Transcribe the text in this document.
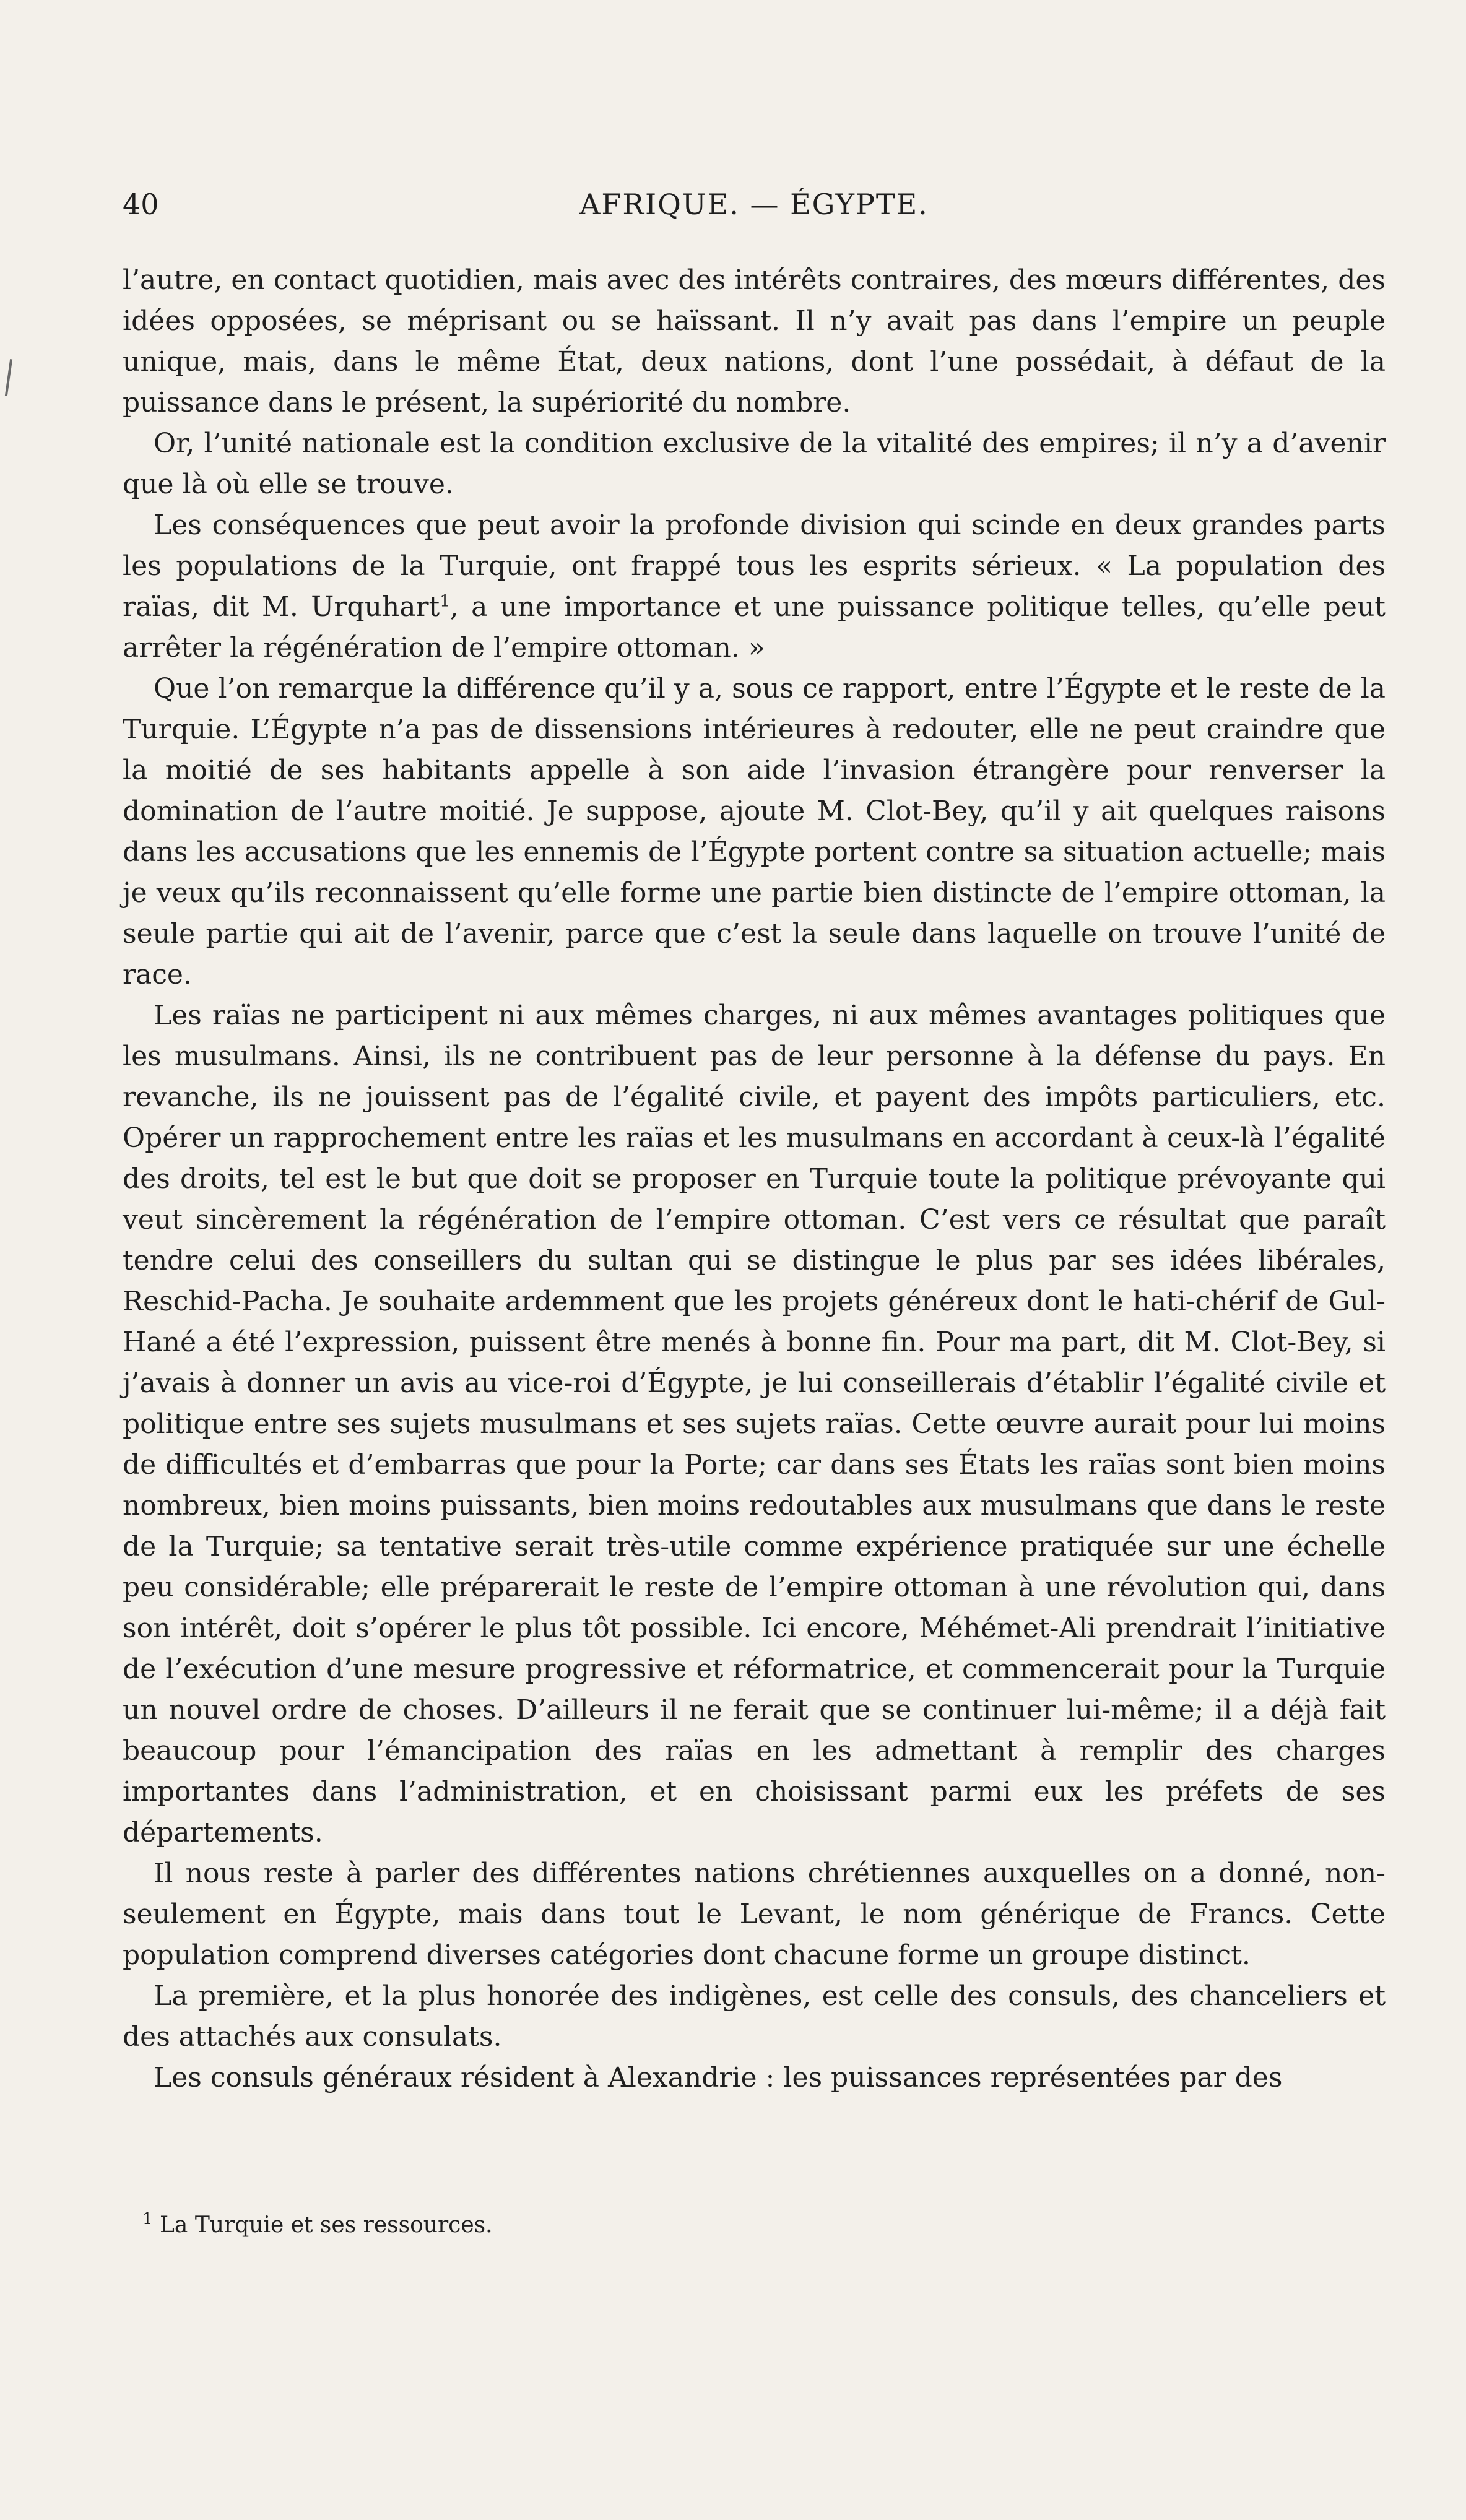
40	AFRIQUE. — ÉGYPTE.

l’autre, en contact quotidien, mais avec des intérêts contraires, des mœurs différentes, des idées opposées, se méprisant ou se haïssant. Il n’y avait pas dans l’empire un peuple unique, mais, dans le même État, deux nations, dont l’une possédait, à défaut de la puissance dans le présent, la supériorité du nombre.

Or, l’unité nationale est la condition exclusive de la vitalité des empires; il n’y a d’avenir que là où elle se trouve.

Les conséquences que peut avoir la profonde division qui scinde en deux grandes parts les populations de la Turquie, ont frappé tous les esprits sérieux. « La population des raïas, dit M. Urquhart$^1$, a une importance et une puissance politique telles, qu’elle peut arrêter la régénération de l’empire ottoman. »

Que l’on remarque la différence qu’il y a, sous ce rapport, entre l’Égypte et le reste de la Turquie. L’Égypte n’a pas de dissensions intérieures à redouter, elle ne peut craindre que la moitié de ses habitants appelle à son aide l’invasion étrangère pour renverser la domination de l’autre moitié. Je suppose, ajoute M. Clot-Bey, qu’il y ait quelques raisons dans les accusations que les ennemis de l’Égypte portent contre sa situation actuelle; mais je veux qu’ils reconnaissent qu’elle forme une partie bien distincte de l’empire ottoman, la seule partie qui ait de l’avenir, parce que c’est la seule dans laquelle on trouve l’unité de race.

Les raïas ne participent ni aux mêmes charges, ni aux mêmes avantages politiques que les musulmans. Ainsi, ils ne contribuent pas de leur personne à la défense du pays. En revanche, ils ne jouissent pas de l’égalité civile, et payent des impôts particuliers, etc. Opérer un rapprochement entre les raïas et les musulmans en accordant à ceux-là l’égalité des droits, tel est le but que doit se proposer en Turquie toute la politique prévoyante qui veut sincèrement la régénération de l’empire ottoman. C’est vers ce résultat que paraît tendre celui des conseillers du sultan qui se distingue le plus par ses idées libérales, Reschid-Pacha. Je souhaite ardemment que les projets généreux dont le hati-chérif de Gul-Hané a été l’expression, puissent être menés à bonne fin. Pour ma part, dit M. Clot-Bey, si j’avais à donner un avis au vice-roi d’Égypte, je lui conseillerais d’établir l’égalité civile et politique entre ses sujets musulmans et ses sujets raïas. Cette œuvre aurait pour lui moins de difficultés et d’embarras que pour la Porte; car dans ses États les raïas sont bien moins nombreux, bien moins puissants, bien moins redoutables aux musulmans que dans le reste de la Turquie; sa tentative serait très-utile comme expérience pratiquée sur une échelle peu considérable; elle préparerait le reste de l’empire ottoman à une révolution qui, dans son intérêt, doit s’opérer le plus tôt possible. Ici encore, Méhémet-Ali prendrait l’initiative de l’exécution d’une mesure progressive et réformatrice, et commencerait pour la Turquie un nouvel ordre de choses. D’ailleurs il ne ferait que se continuer lui-même; il a déjà fait beaucoup pour l’émancipation des raïas en les admettant à remplir des charges importantes dans l’administration, et en choisissant parmi eux les préfets de ses départements.

Il nous reste à parler des différentes nations chrétiennes auxquelles on a donné, non-seulement en Égypte, mais dans tout le Levant, le nom générique de Francs. Cette population comprend diverses catégories dont chacune forme un groupe distinct.

La première, et la plus honorée des indigènes, est celle des consuls, des chanceliers et des attachés aux consulats.

Les consuls généraux résident à Alexandrie : les puissances représentées par des

$^1$ La Turquie et ses ressources.
